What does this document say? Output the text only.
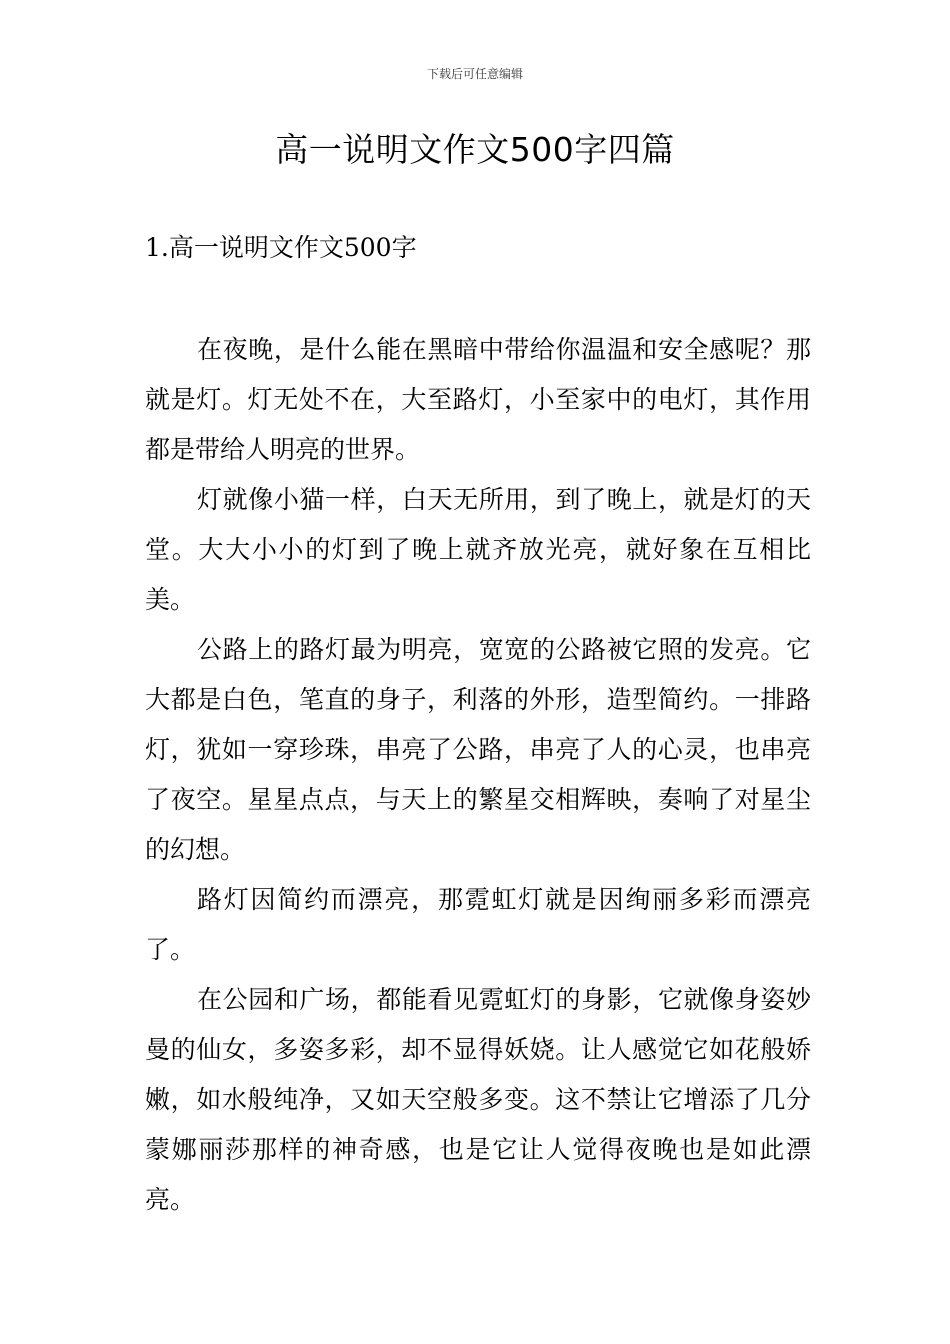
下载后可任意编辑
高一说明文作文500字四篇
1.高一说明文作文500字

在夜晚，是什么能在黑暗中带给你温温和安全感呢？那就是灯。灯无处不在，大至路灯，小至家中的电灯，其作用都是带给人明亮的世界。

灯就像小猫一样，白天无所用，到了晚上，就是灯的天堂。大大小小的灯到了晚上就齐放光亮，就好象在互相比美。

公路上的路灯最为明亮，宽宽的公路被它照的发亮。它大都是白色，笔直的身子，利落的外形，造型简约。一排路灯，犹如一穿珍珠，串亮了公路，串亮了人的心灵，也串亮了夜空。星星点点，与天上的繁星交相辉映，奏响了对星尘的幻想。

路灯因简约而漂亮，那霓虹灯就是因绚丽多彩而漂亮了。

在公园和广场，都能看见霓虹灯的身影，它就像身姿妙曼的仙女，多姿多彩，却不显得妖娆。让人感觉它如花般娇嫩，如水般纯净，又如天空般多变。这不禁让它增添了几分蒙娜丽莎那样的神奇感，也是它让人觉得夜晚也是如此漂亮。
